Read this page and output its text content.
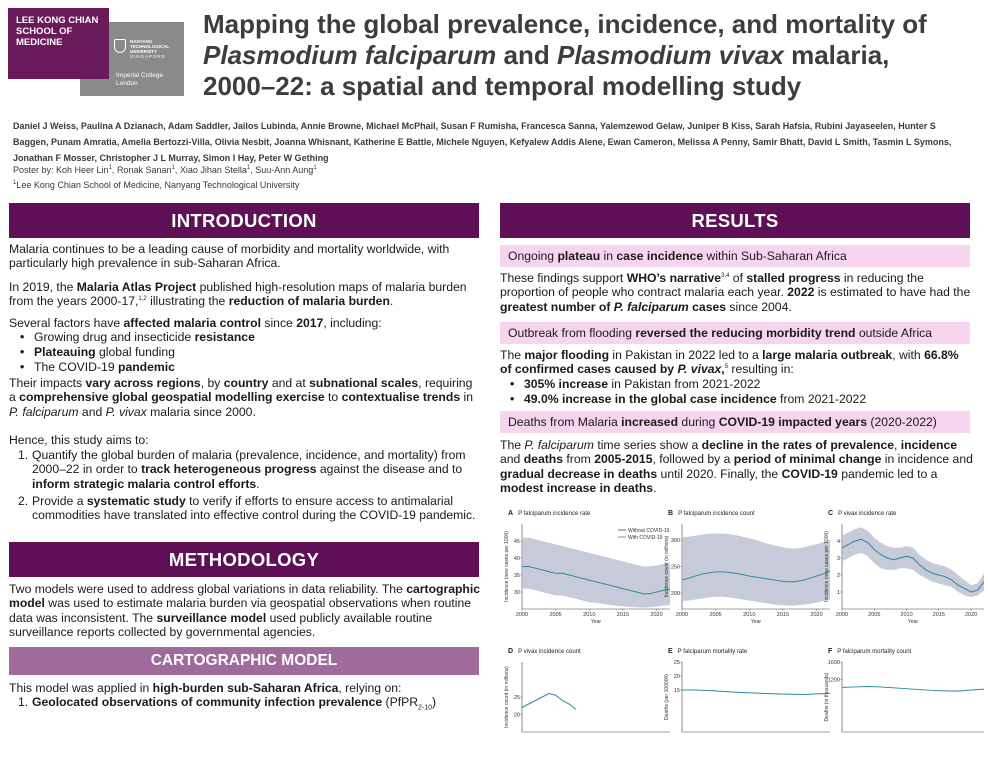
NANYANG
TECHNOLOGICAL
UNIVERSITY
SINGAPORE
Imperial College
London
LEE KONG CHIAN
SCHOOL OF
MEDICINE
Mapping the global prevalence, incidence, and mortality of
Plasmodium falciparum and Plasmodium vivax malaria,
2000–22: a spatial and temporal modelling study
Daniel J Weiss, Paulina A Dzianach, Adam Saddler, Jailos Lubinda, Annie Browne, Michael McPhail, Susan F Rumisha, Francesca Sanna, Yalemzewod Gelaw, Juniper B Kiss, Sarah Hafsia, Rubini Jayaseelen, Hunter S Baggen, Punam Amratia, Amelia Bertozzi-Villa, Olivia Nesbit, Joanna Whisnant, Katherine E Battle, Michele Nguyen, Kefyalew Addis Alene, Ewan Cameron, Melissa A Penny, Samir Bhatt, David L Smith, Tasmin L Symons, Jonathan F Mosser, Christopher J L Murray, Simon I Hay, Peter W Gething
Poster by: Koh Heer Lin$^1$, Ronak Sanan$^1$, Xiao Jihan Stella$^1$, Suu-Ann Aung$^1$
$^1$Lee Kong Chian School of Medicine, Nanyang Technological University
INTRODUCTION
Malaria continues to be a leading cause of morbidity and mortality worldwide, with particularly high prevalence in sub-Saharan Africa.
In 2019, the Malaria Atlas Project published high-resolution maps of malaria burden from the years 2000-17,$^{1,2}$ illustrating the reduction of malaria burden.
Several factors have affected malaria control since 2017, including:
• Growing drug and insecticide resistance
• Plateauing global funding
• The COVID-19 pandemic
Their impacts vary across regions, by country and at subnational scales, requiring a comprehensive global geospatial modelling exercise to contextualise trends in P. falciparum and P. vivax malaria since 2000.
Hence, this study aims to:
1. Quantify the global burden of malaria (prevalence, incidence, and mortality) from 2000–22 in order to track heterogeneous progress against the disease and to inform strategic malaria control efforts.
2. Provide a systematic study to verify if efforts to ensure access to antimalarial commodities have translated into effective control during the COVID-19 pandemic.
METHODOLOGY
Two models were used to address global variations in data reliability. The cartographic model was used to estimate malaria burden via geospatial observations when routine data was inconsistent. The surveillance model used publicly available routine surveillance reports collected by governmental agencies.
CARTOGRAPHIC MODEL
This model was applied in high-burden sub-Saharan Africa, relying on:
1. Geolocated observations of community infection prevalence (PfPR$_{2-10}$)
RESULTS
Ongoing plateau in case incidence within Sub-Saharan Africa
These findings support WHO’s narrative$^{3,4}$ of stalled progress in reducing the proportion of people who contract malaria each year. 2022 is estimated to have had the greatest number of P. falciparum cases since 2004.
Outbreak from flooding reversed the reducing morbidity trend outside Africa
The major flooding in Pakistan in 2022 led to a large malaria outbreak, with 66.8% of confirmed cases caused by P. vivax,$^5$ resulting in:
• 305% increase in Pakistan from 2021-2022
• 49.0% increase in the global case incidence from 2021-2022
Deaths from Malaria increased during COVID-19 impacted years (2020-2022)
The P. falciparum time series show a decline in the rates of prevalence, incidence and deaths from 2005-2015, followed by a period of minimal change in incidence and gradual decrease in deaths until 2020. Finally, the COVID-19 pandemic led to a modest increase in deaths.
A P falciparum incidence rate
30
35
40
45
Incidence (new cases per 1000)
2000	2005	2010	2015	2020
Year
Without COVID-19
With COVID-19
B P falciparum incidence count
200
250
300
Incidence count (in millions)
2000	2005	2010	2015	2020
Year
C P vivax incidence rate
1
2
3
4
Incidence (new cases per 1000)
2000	2005	2010	2015	2020
Year
D P vivax incidence count
20
25
Incidence count (in millions)
E P falciparum mortality rate
15
20
25
Deaths (per 100000)
F P falciparum mortality count
1200
1600
Deaths (in thousands)
